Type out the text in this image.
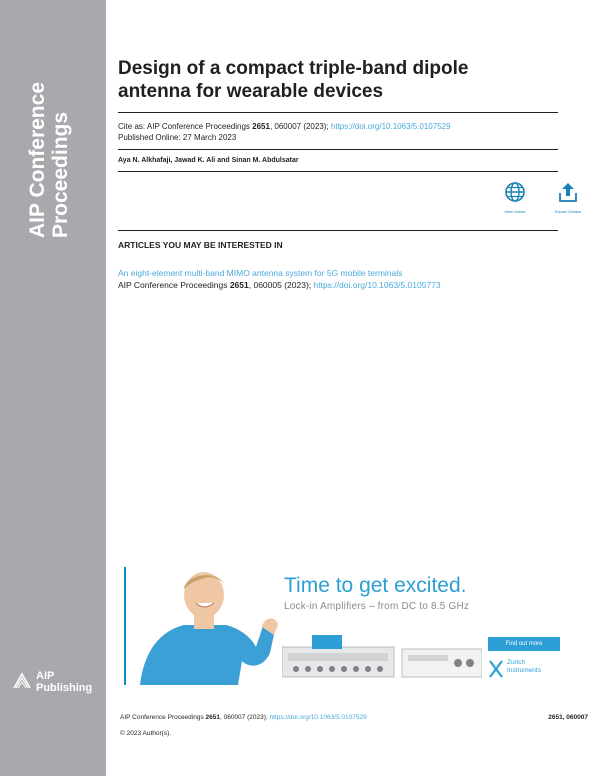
AIP Conference Proceedings
AIP
Publishing
Design of a compact triple-band dipole
antenna for wearable devices
Cite as: AIP Conference Proceedings 2651, 060007 (2023); https://doi.org/10.1063/5.0107529
Published Online: 27 March 2023
Aya N. Alkhafaji, Jawad K. Ali and Sinan M. Abdulsatar
View Online	Export Citation
ARTICLES YOU MAY BE INTERESTED IN
An eight-element multi-band MIMO antenna system for 5G mobile terminals
AIP Conference Proceedings 2651, 060005 (2023); https://doi.org/10.1063/5.0105773
Time to get excited.
Lock-in Amplifiers – from DC to 8.5 GHz
Find out more
Zurich
Instruments
AIP Conference Proceedings 2651, 060007 (2023); https://doi.org/10.1063/5.0107529	2651, 060007
© 2023 Author(s).
